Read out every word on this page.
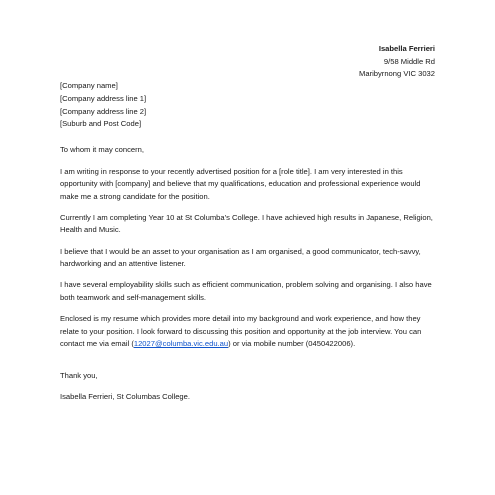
Isabella Ferrieri
9/58 Middle Rd
Maribyrnong VIC 3032
[Company name]
[Company address line 1]
[Company address line 2]
[Suburb and Post Code]

To whom it may concern,

I am writing in response to your recently advertised position for a [role title]. I am very interested in this opportunity with [company] and believe that my qualifications, education and professional experience would make me a strong candidate for the position.

Currently I am completing Year 10 at St Columba's College. I have achieved high results in Japanese, Religion, Health and Music.

I believe that I would be an asset to your organisation as I am organised, a good communicator, tech-savvy, hardworking and an attentive listener.

I have several employability skills such as efficient communication, problem solving and organising. I also have both teamwork and self-management skills.

Enclosed is my resume which provides more detail into my background and work experience, and how they relate to your position. I look forward to discussing this position and opportunity at the job interview. You can contact me via email (12027@columba.vic.edu.au) or via mobile number (0450422006).

Thank you,

Isabella Ferrieri, St Columbas College.
